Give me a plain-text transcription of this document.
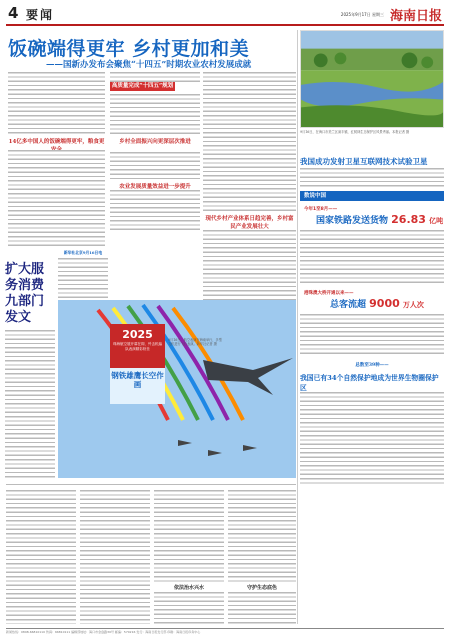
4 要闻	2025年9月17日 星期三 海南日报
饭碗端得更牢 乡村更加和美
——国新办发布会聚焦“十四五”时期农业农村发展成就
9月16日，在海口市美兰区演丰镇，红树林生态保护区风景秀丽。本报记者 摄
14亿多中国人的饭碗端得更牢，粮食更
高质量完成“十四五”规划
乡村全面振兴向更深层次推进
农业发展质量效益进一步提升
现代乡村产业体系日趋完善，乡村富民产业发展壮大
扩大服务消费 九部门发文
新华社北京9月16日电
2025
珠海航空展开幕在即，歼击机编队表演精彩纷呈
钢铁雄鹰长空作画
9月16日，航空表演在海南举行，多型飞机进行飞行表演。新华社记者 摄
我国成功发射卫星互联网技术试验卫星
数说中国
今年1至8月——
国家铁路发送货物 26.83 亿吨
港珠澳大桥开通以来——
总客流超 9000 万人次
总数至39种——
我国已有34个自然保护地成为世界生物圈保护区
依法治水兴水	守护生态底色
新闻热线：0898-66810110 传真：66810111 编辑部地址：海口市金盘路30号 邮编：570216 发行：海南日报发行部 印刷：海南日报印务中心
